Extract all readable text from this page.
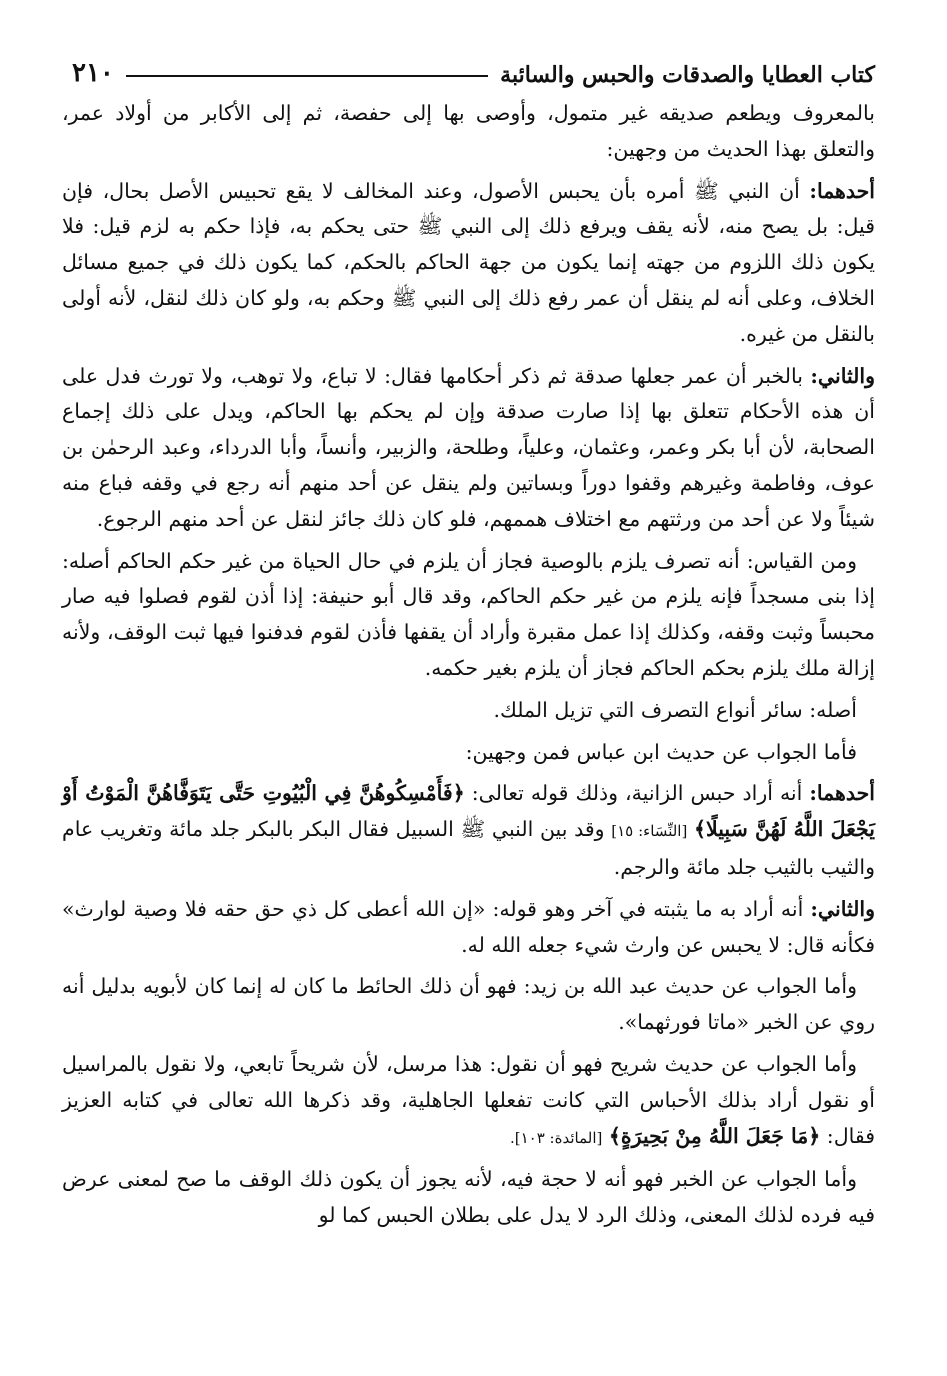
كتاب العطايا والصدقات والحبس والسائبة
٢١٠

بالمعروف ويطعم صديقه غير متمول، وأوصى بها إلى حفصة، ثم إلى الأكابر من أولاد عمر، والتعلق بهذا الحديث من وجهين:

أحدهما: أن النبي ﷺ أمره بأن يحبس الأصول، وعند المخالف لا يقع تحبيس الأصل بحال، فإن قيل: بل يصح منه، لأنه يقف ويرفع ذلك إلى النبي ﷺ حتى يحكم به، فإذا حكم به لزم قيل: فلا يكون ذلك اللزوم من جهته إنما يكون من جهة الحاكم بالحكم، كما يكون ذلك في جميع مسائل الخلاف، وعلى أنه لم ينقل أن عمر رفع ذلك إلى النبي ﷺ وحكم به، ولو كان ذلك لنقل، لأنه أولى بالنقل من غيره.

والثاني: بالخبر أن عمر جعلها صدقة ثم ذكر أحكامها فقال: لا تباع، ولا توهب، ولا تورث فدل على أن هذه الأحكام تتعلق بها إذا صارت صدقة وإن لم يحكم بها الحاكم، ويدل على ذلك إجماع الصحابة، لأن أبا بكر وعمر، وعثمان، وعلياً، وطلحة، والزبير، وأنساً، وأبا الدرداء، وعبد الرحمٰن بن عوف، وفاطمة وغيرهم وقفوا دوراً وبساتين ولم ينقل عن أحد منهم أنه رجع في وقفه فباع منه شيئاً ولا عن أحد من ورثتهم مع اختلاف هممهم، فلو كان ذلك جائز لنقل عن أحد منهم الرجوع.

ومن القياس: أنه تصرف يلزم بالوصية فجاز أن يلزم في حال الحياة من غير حكم الحاكم أصله: إذا بنى مسجداً فإنه يلزم من غير حكم الحاكم، وقد قال أبو حنيفة: إذا أذن لقوم فصلوا فيه صار محبساً وثبت وقفه، وكذلك إذا عمل مقبرة وأراد أن يقفها فأذن لقوم فدفنوا فيها ثبت الوقف، ولأنه إزالة ملك يلزم بحكم الحاكم فجاز أن يلزم بغير حكمه.

أصله: سائر أنواع التصرف التي تزيل الملك.

فأما الجواب عن حديث ابن عباس فمن وجهين:

أحدهما: أنه أراد حبس الزانية، وذلك قوله تعالى: ﴿فَأَمْسِكُوهُنَّ فِي الْبُيُوتِ حَتَّى يَتَوَفَّاهُنَّ الْمَوْتُ أَوْ يَجْعَلَ اللَّهُ لَهُنَّ سَبِيلًا﴾ [النِّسَاء: ١٥] وقد بين النبي ﷺ السبيل فقال البكر بالبكر جلد مائة وتغريب عام والثيب بالثيب جلد مائة والرجم.

والثاني: أنه أراد به ما يثبته في آخر وهو قوله: «إن الله أعطى كل ذي حق حقه فلا وصية لوارث» فكأنه قال: لا يحبس عن وارث شيء جعله الله له.

وأما الجواب عن حديث عبد الله بن زيد: فهو أن ذلك الحائط ما كان له إنما كان لأبويه بدليل أنه روي عن الخبر «ماتا فورثهما».

وأما الجواب عن حديث شريح فهو أن نقول: هذا مرسل، لأن شريحاً تابعي، ولا نقول بالمراسيل أو نقول أراد بذلك الأحباس التي كانت تفعلها الجاهلية، وقد ذكرها الله تعالى في كتابه العزيز فقال: ﴿مَا جَعَلَ اللَّهُ مِنْ بَحِيرَةٍ﴾ [المائدة: ١٠٣].

وأما الجواب عن الخبر فهو أنه لا حجة فيه، لأنه يجوز أن يكون ذلك الوقف ما صح لمعنى عرض فيه فرده لذلك المعنى، وذلك الرد لا يدل على بطلان الحبس كما لو
